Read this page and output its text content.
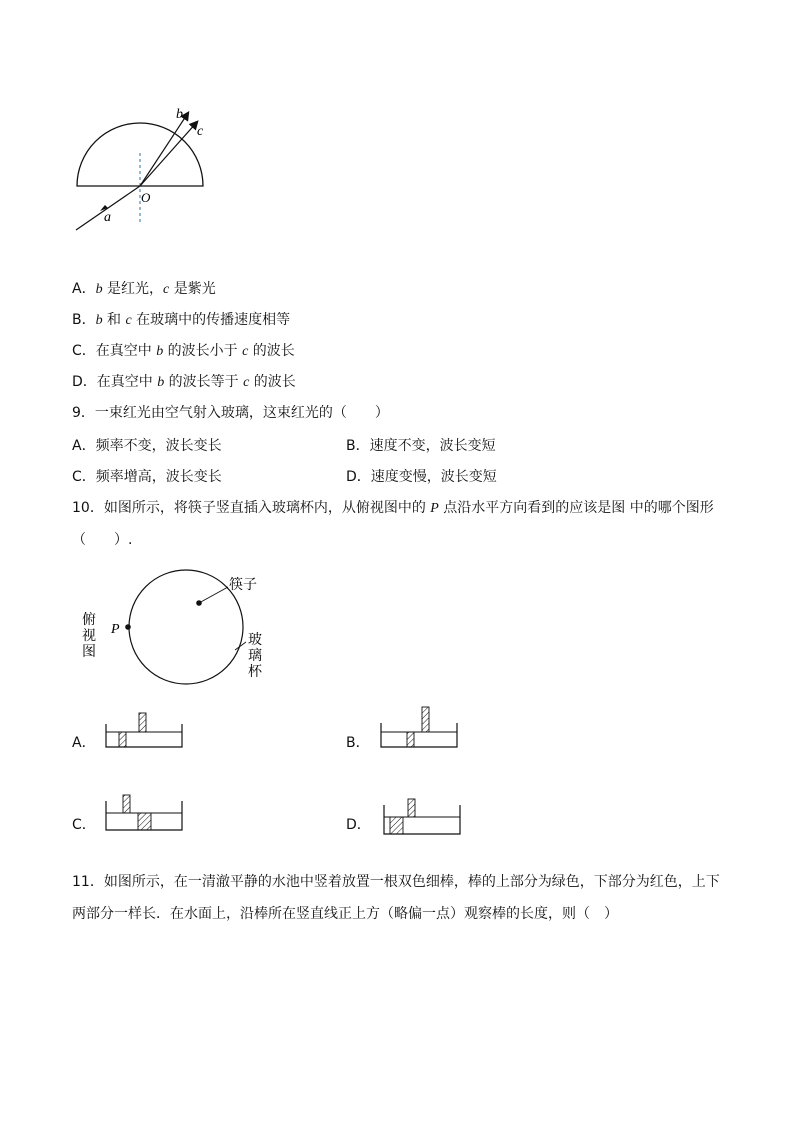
b
c
O
a
A．b 是红光，c 是紫光
B．b 和 c 在玻璃中的传播速度相等
C．在真空中 b 的波长小于 c 的波长
D．在真空中 b 的波长等于 c 的波长
9．一束红光由空气射入玻璃，这束红光的（　　）
A．频率不变，波长变长	B．速度不变，波长变短
C．频率增高，波长变长	D．速度变慢，波长变短
10．如图所示，将筷子竖直插入玻璃杯内，从俯视图中的 P 点沿水平方向看到的应该是图 中的哪个图形
（　　）.
筷子
P
俯
视
图
玻
璃
杯
A．	B．
C．	D．
11．如图所示，在一清澈平静的水池中竖着放置一根双色细棒，棒的上部分为绿色，下部分为红色，上下
两部分一样长．在水面上，沿棒所在竖直线正上方（略偏一点）观察棒的长度，则（　）
